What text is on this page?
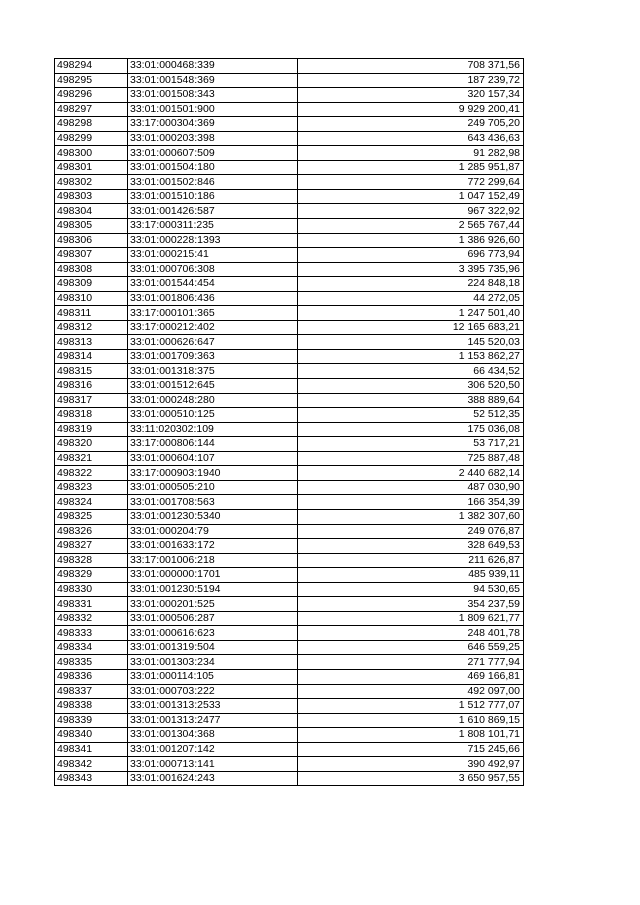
498294	33:01:000468:339	708 371,56
498295	33:01:001548:369	187 239,72
498296	33:01:001508:343	320 157,34
498297	33:01:001501:900	9 929 200,41
498298	33:17:000304:369	249 705,20
498299	33:01:000203:398	643 436,63
498300	33:01:000607:509	91 282,98
498301	33:01:001504:180	1 285 951,87
498302	33:01:001502:846	772 299,64
498303	33:01:001510:186	1 047 152,49
498304	33:01:001426:587	967 322,92
498305	33:17:000311:235	2 565 767,44
498306	33:01:000228:1393	1 386 926,60
498307	33:01:000215:41	696 773,94
498308	33:01:000706:308	3 395 735,96
498309	33:01:001544:454	224 848,18
498310	33:01:001806:436	44 272,05
498311	33:17:000101:365	1 247 501,40
498312	33:17:000212:402	12 165 683,21
498313	33:01:000626:647	145 520,03
498314	33:01:001709:363	1 153 862,27
498315	33:01:001318:375	66 434,52
498316	33:01:001512:645	306 520,50
498317	33:01:000248:280	388 889,64
498318	33:01:000510:125	52 512,35
498319	33:11:020302:109	175 036,08
498320	33:17:000806:144	53 717,21
498321	33:01:000604:107	725 887,48
498322	33:17:000903:1940	2 440 682,14
498323	33:01:000505:210	487 030,90
498324	33:01:001708:563	166 354,39
498325	33:01:001230:5340	1 382 307,60
498326	33:01:000204:79	249 076,87
498327	33:01:001633:172	328 649,53
498328	33:17:001006:218	211 626,87
498329	33:01:000000:1701	485 939,11
498330	33:01:001230:5194	94 530,65
498331	33:01:000201:525	354 237,59
498332	33:01:000506:287	1 809 621,77
498333	33:01:000616:623	248 401,78
498334	33:01:001319:504	646 559,25
498335	33:01:001303:234	271 777,94
498336	33:01:000114:105	469 166,81
498337	33:01:000703:222	492 097,00
498338	33:01:001313:2533	1 512 777,07
498339	33:01:001313:2477	1 610 869,15
498340	33:01:001304:368	1 808 101,71
498341	33:01:001207:142	715 245,66
498342	33:01:000713:141	390 492,97
498343	33:01:001624:243	3 650 957,55
